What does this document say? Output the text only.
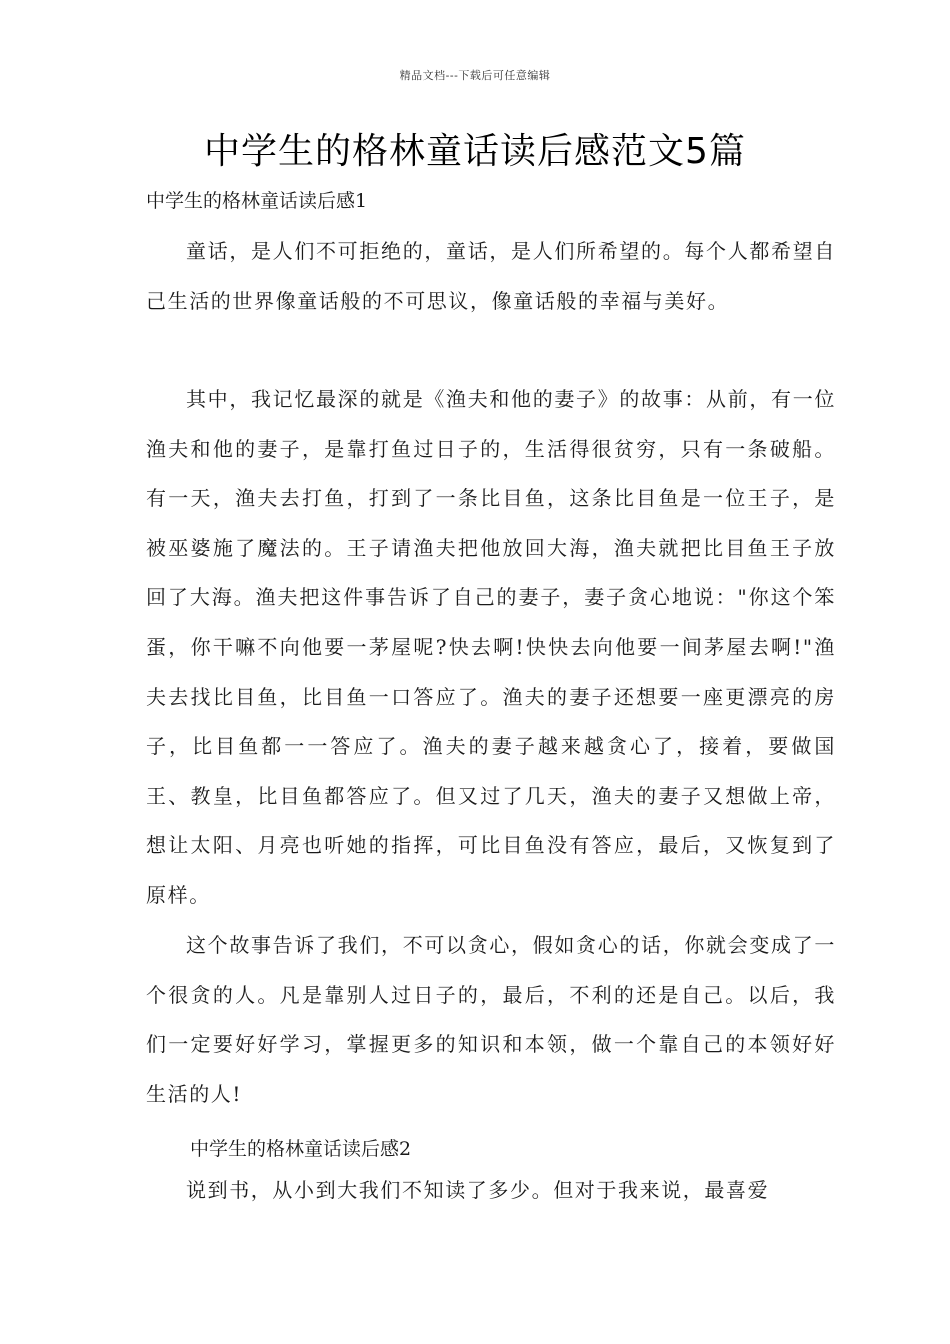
精品文档---下载后可任意编辑
中学生的格林童话读后感范文5篇
中学生的格林童话读后感1

童话，是人们不可拒绝的，童话，是人们所希望的。每个人都希望自己生活的世界像童话般的不可思议，像童话般的幸福与美好。

其中，我记忆最深的就是《渔夫和他的妻子》的故事：从前，有一位渔夫和他的妻子，是靠打鱼过日子的，生活得很贫穷，只有一条破船。有一天，渔夫去打鱼，打到了一条比目鱼，这条比目鱼是一位王子，是被巫婆施了魔法的。王子请渔夫把他放回大海，渔夫就把比目鱼王子放回了大海。渔夫把这件事告诉了自己的妻子，妻子贪心地说："你这个笨蛋，你干嘛不向他要一茅屋呢?快去啊!快快去向他要一间茅屋去啊!"渔夫去找比目鱼，比目鱼一口答应了。渔夫的妻子还想要一座更漂亮的房子，比目鱼都一一答应了。渔夫的妻子越来越贪心了，接着，要做国王、教皇，比目鱼都答应了。但又过了几天，渔夫的妻子又想做上帝，想让太阳、月亮也听她的指挥，可比目鱼没有答应，最后，又恢复到了原样。

这个故事告诉了我们，不可以贪心，假如贪心的话，你就会变成了一个很贪的人。凡是靠别人过日子的，最后，不利的还是自己。以后，我们一定要好好学习，掌握更多的知识和本领，做一个靠自己的本领好好生活的人!

中学生的格林童话读后感2

说到书，从小到大我们不知读了多少。但对于我来说，最喜爱
